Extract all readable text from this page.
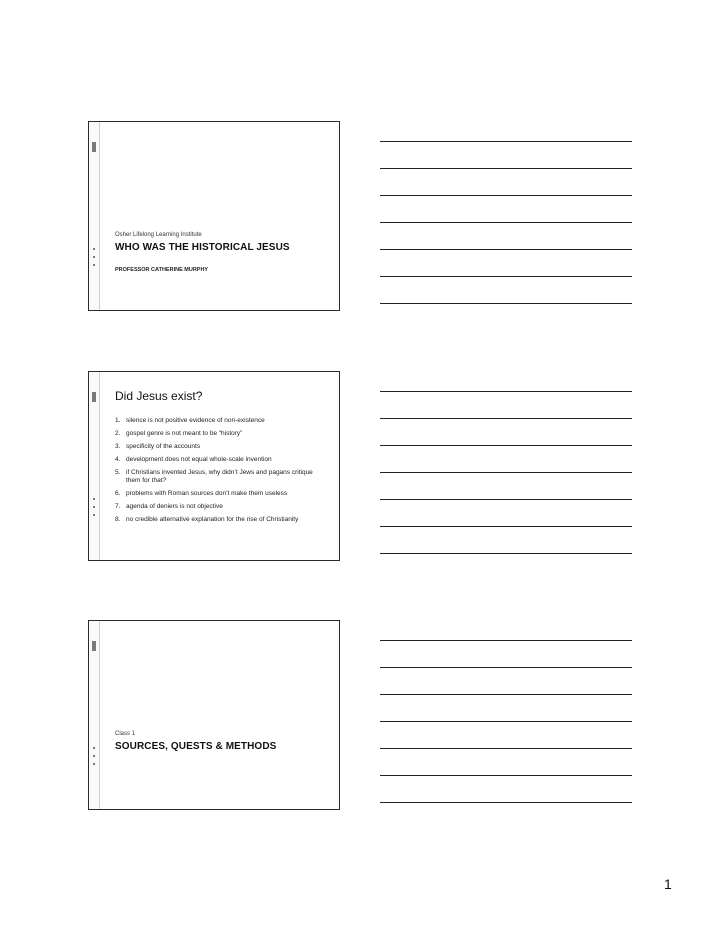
Osher Lifelong Learning Institute
WHO WAS THE HISTORICAL JESUS
PROFESSOR CATHERINE MURPHY
Did Jesus exist?
1. silence is not positive evidence of non-existence
2. gospel genre is not meant to be “history”
3. specificity of the accounts
4. development does not equal whole-scale invention
5. if Christians invented Jesus, why didn’t Jews and pagans critique them for that?
6. problems with Roman sources don’t make them useless
7. agenda of deniers is not objective
8. no credible alternative explanation for the rise of Christianity
Class 1
SOURCES, QUESTS & METHODS
1
